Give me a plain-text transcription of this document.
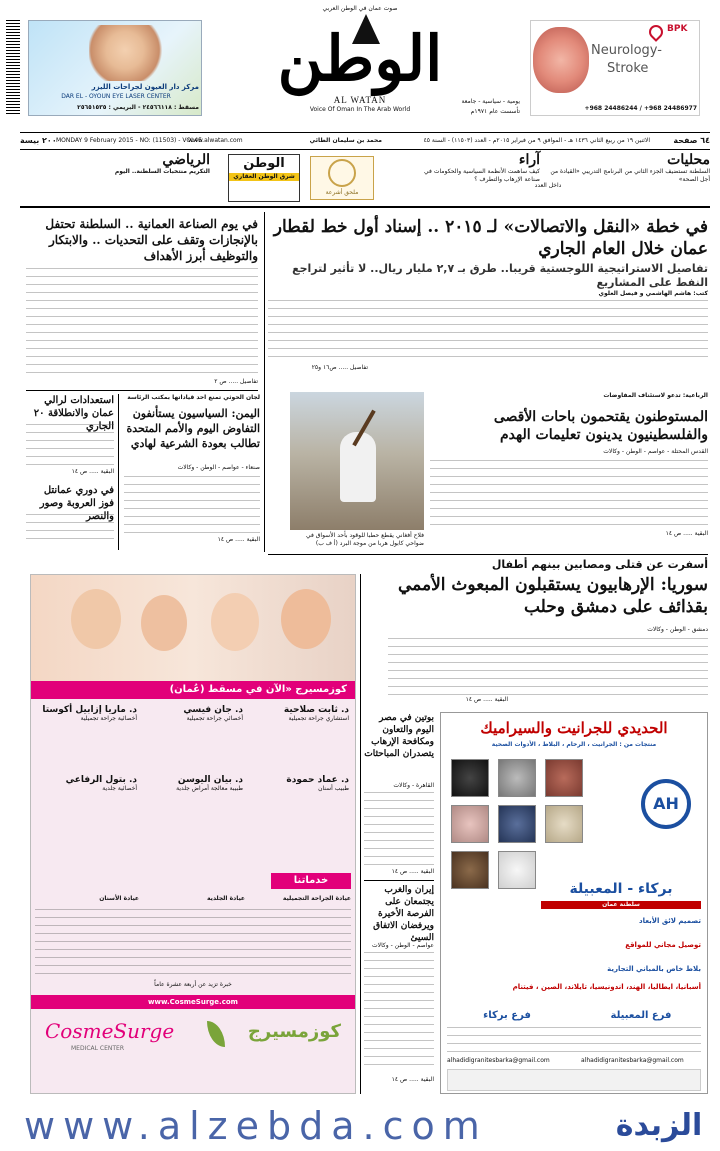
مركز دار العيون لجراحات الليزر
DAR EL - OYOUN EYE LASER CENTER
مسقط : ٢٤٥٦٦١١٨ - البريمي : ٢٥٦٥١٥٣٥
صوت عمان في الوطن العربي
الوطن
AL WATAN
Voice Of Oman In The Arab World
يومية - سياسية - جامعة
تأسست عام ١٩٧١م
BPK
Neurology-
Stroke
+968 24486244 / +968 24486977
٦٤ صفحة
الاثنين ١٩ من ربيع الثاني ١٤٣٦ هـ - الموافق ٩ من فبراير ٢٠١٥م - العدد (١١٥٠٣) - السنة ٤٥
محمد بن سليمان الطائي
www.alwatan.com
MONDAY 9 February 2015 - NO: (11503) - VOL45
٢٠٠ بيسة
محليات
السلطنة تستضيف الجزء الثاني من البرنامج التدريبي «القيادة من أجل الصحة»
داخل العدد
آراء
كيف ساهمت الأنظمة السياسية والحكومات في صناعة الإرهاب والتطرف ؟
ملحق أشرعة
الوطن
شرق الوطن العقاري
الرياضي
التكريم منتخبات السلطنة.. اليوم
في خطة «النقل والاتصالات» لـ ٢٠١٥ .. إسناد أول خط لقطار عمان خلال العام الجاري
تفاصيل الاستراتيجية اللوجستية قريبا.. طرق بـ ٢,٧ مليار ريال.. لا تأثير لتراجع النفط على المشاريع
كتب: هاشم الهاشمي و فيصل العلوي
تفاصيل ..... ص١٦ و٢٥
في يوم الصناعة العمانية .. السلطنة تحتفل بالإنجازات وتقف على التحديات .. والابتكار والتوظيف أبرز الأهداف
تفاصيل ..... ص ٢
استعدادات لرالي عمان والانطلاقة ٢٠ الجاري
البقية ..... ص ١٤
في دوري عمانتل فوز العروبة وصور والنصر
لجان الحوثي تمنع احد قياداتها بمكتب الرئاسة
اليمن: السياسيون يستأنفون التفاوض اليوم والأمم المتحدة تطالب بعودة الشرعية لهادي
صنعاء - عواصم - الوطن - وكالات
البقية ..... ص ١٤
فلاح أفغاني يقطع حطبا للوقود بأحد الأسواق في ضواحي كابول هربا من موجة البرد (أ ف ب)
الرباعية: تدعو لاستئناف المفاوضات
المستوطنون يقتحمون باحات الأقصى والفلسطينيون يدينون تعليمات الهدم
القدس المحتلة - عواصم - الوطن - وكالات
البقية ..... ص ١٤
أسفرت عن قتلى ومصابين بينهم أطفال
سوريا: الإرهابيون يستقبلون المبعوث الأممي بقذائف على دمشق وحلب
دمشق - الوطن - وكالات
البقية ..... ص ١٤
كوزمسيرج «الآن في مسقط (عُمان)
د. ثابت صلاحية
استشاري جراحة تجميلية
د. جان فيسي
أخصائي جراحة تجميلية
د. ماريا إزابيل أكوستا
أخصائية جراحة تجميلية
د. عماد حمودة
طبيب أسنان
د. بيان اليوسن
طبيبة معالجة أمراض جلدية
د. بتول الرفاعي
أخصائية جلدية
خدماتنا
عيادة الجراحة التجميلية
عيادة الجلدية
عيادة الأسنان
خبرة تزيد عن أربعة عشرة عاماً
www.CosmeSurge.com
CosmeSurge
MEDICAL CENTER
كوزمسيرج
بوتين في مصر اليوم والتعاون ومكافحة الإرهاب يتصدران المباحثات
القاهرة - وكالات
البقية ..... ص ١٤
إيران والغرب يجتمعان على الفرصة الأخيرة ويرفضان الاتفاق السيئ
عواصم - الوطن - وكالات
البقية ..... ص ١٤
الحديدي للجرانيت والسيراميك
منتجات من : الجرانيت ، الرخام ، البلاط ، الأدوات الصحية

AH
بركاء - المعبيلة
سلطنة عمان
تصميم لائق الأبعاد
توصيل مجاني للمواقع
بلاط خاص بالمباني التجارية
أسبانيا، ايطاليا، الهند، اندونيسيا، تايلاند، الصين ، فيتنام
فرع المعبيلة
فرع بركاء
alhadidigranitesbarka@gmail.com
alhadidigranitesbarka@gmail.com
www.alzebda.com	الزبدة
